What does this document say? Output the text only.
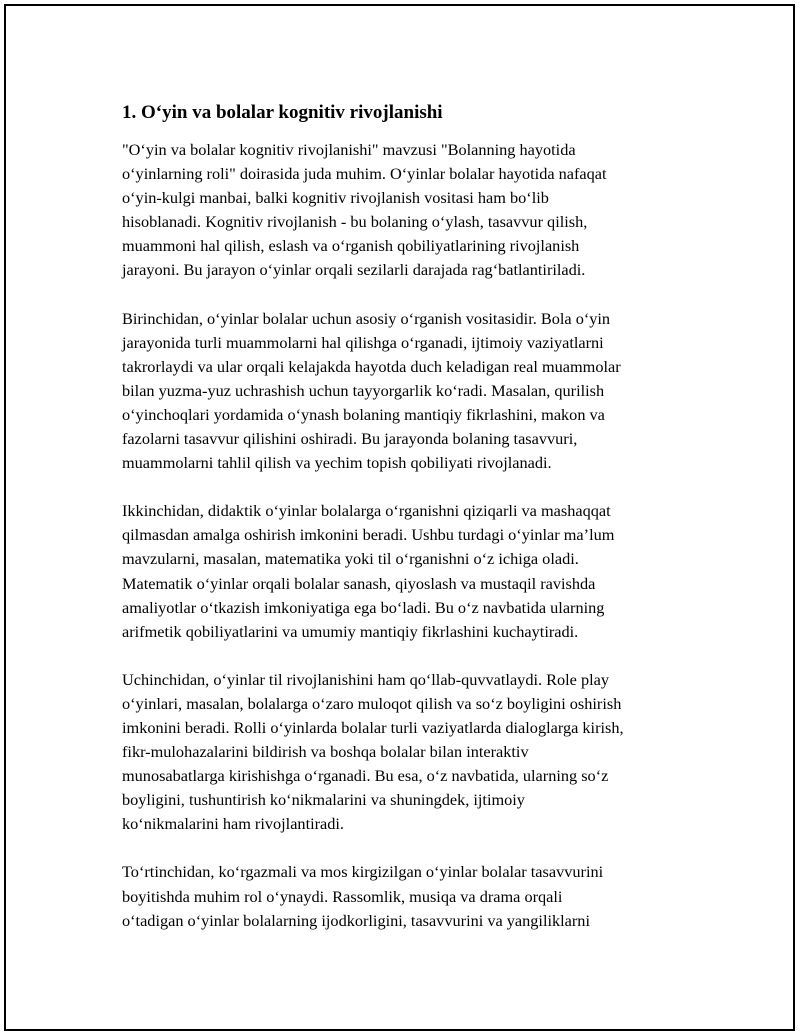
1. O‘yin va bolalar kognitiv rivojlanishi
"O‘yin va bolalar kognitiv rivojlanishi" mavzusi "Bolanning hayotida
o‘yinlarning roli" doirasida juda muhim. O‘yinlar bolalar hayotida nafaqat
o‘yin-kulgi manbai, balki kognitiv rivojlanish vositasi ham bo‘lib
hisoblanadi. Kognitiv rivojlanish - bu bolaning o‘ylash, tasavvur qilish,
muammoni hal qilish, eslash va o‘rganish qobiliyatlarining rivojlanish
jarayoni. Bu jarayon o‘yinlar orqali sezilarli darajada rag‘batlantiriladi.
Birinchidan, o‘yinlar bolalar uchun asosiy o‘rganish vositasidir. Bola o‘yin
jarayonida turli muammolarni hal qilishga o‘rganadi, ijtimoiy vaziyatlarni
takrorlaydi va ular orqali kelajakda hayotda duch keladigan real muammolar
bilan yuzma-yuz uchrashish uchun tayyorgarlik ko‘radi. Masalan, qurilish
o‘yinchoqlari yordamida o‘ynash bolaning mantiqiy fikrlashini, makon va
fazolarni tasavvur qilishini oshiradi. Bu jarayonda bolaning tasavvuri,
muammolarni tahlil qilish va yechim topish qobiliyati rivojlanadi.
Ikkinchidan, didaktik o‘yinlar bolalarga o‘rganishni qiziqarli va mashaqqat
qilmasdan amalga oshirish imkonini beradi. Ushbu turdagi o‘yinlar ma’lum
mavzularni, masalan, matematika yoki til o‘rganishni o‘z ichiga oladi.
Matematik o‘yinlar orqali bolalar sanash, qiyoslash va mustaqil ravishda
amaliyotlar o‘tkazish imkoniyatiga ega bo‘ladi. Bu o‘z navbatida ularning
arifmetik qobiliyatlarini va umumiy mantiqiy fikrlashini kuchaytiradi.
Uchinchidan, o‘yinlar til rivojlanishini ham qo‘llab-quvvatlaydi. Role play
o‘yinlari, masalan, bolalarga o‘zaro muloqot qilish va so‘z boyligini oshirish
imkonini beradi. Rolli o‘yinlarda bolalar turli vaziyatlarda dialoglarga kirish,
fikr-mulohazalarini bildirish va boshqa bolalar bilan interaktiv
munosabatlarga kirishishga o‘rganadi. Bu esa, o‘z navbatida, ularning so‘z
boyligini, tushuntirish ko‘nikmalarini va shuningdek, ijtimoiy
ko‘nikmalarini ham rivojlantiradi.
To‘rtinchidan, ko‘rgazmali va mos kirgizilgan o‘yinlar bolalar tasavvurini
boyitishda muhim rol o‘ynaydi. Rassomlik, musiqa va drama orqali
o‘tadigan o‘yinlar bolalarning ijodkorligini, tasavvurini va yangiliklarni
